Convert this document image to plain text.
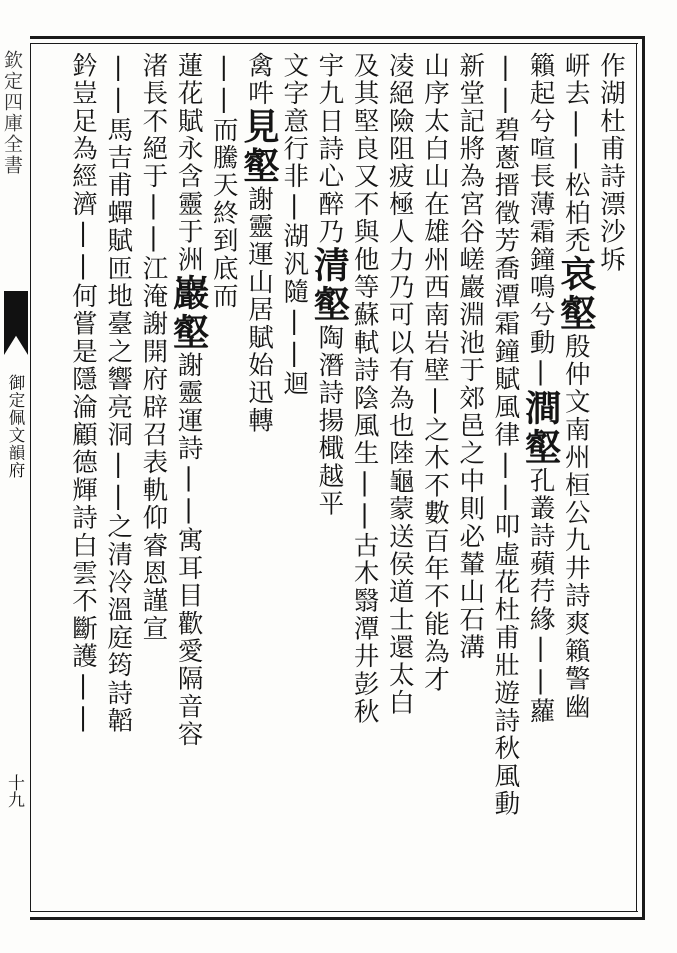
欽定四庫全書
御定佩文韻府
十九
作湖杜甫詩漂沙坼
岍去||松柏禿哀壑殷仲文南州桓公九井詩爽籟警幽
籟起兮喧長薄霜鐘鳴兮動|澗壑孔叢詩蘋荇緣||蘿
||碧蔥搢徵芳喬潭霜鐘賦風律||叩虛花杜甫壯遊詩秋風動
新堂記將為宮谷嵯巖淵池于郊邑之中則必輦山石溝
山序太白山在雄州西南岩壁|之木不數百年不能為才
凌絕險阻疲極人力乃可以有為也陸龜蒙送侯道士還太白
及其堅良又不與他等蘇軾詩陰風生||古木翳潭井彭秋
宇九日詩心醉乃清壑陶潛詩揚檝越平
文字意行非|湖汎隨||迴
禽吽見壑謝靈運山居賦始迅轉
||而騰天終到底而
蓮花賦永含靈于洲巖壑謝靈運詩||寓耳目歡愛隔音容
渚長不絕于||江淹謝開府辟召表軌仰睿恩謹宣
||馬吉甫蟬賦匝地臺之響亮洞||之清冷溫庭筠詩韜
鈐豈足為經濟||何嘗是隱淪顧德輝詩白雲不斷護||
